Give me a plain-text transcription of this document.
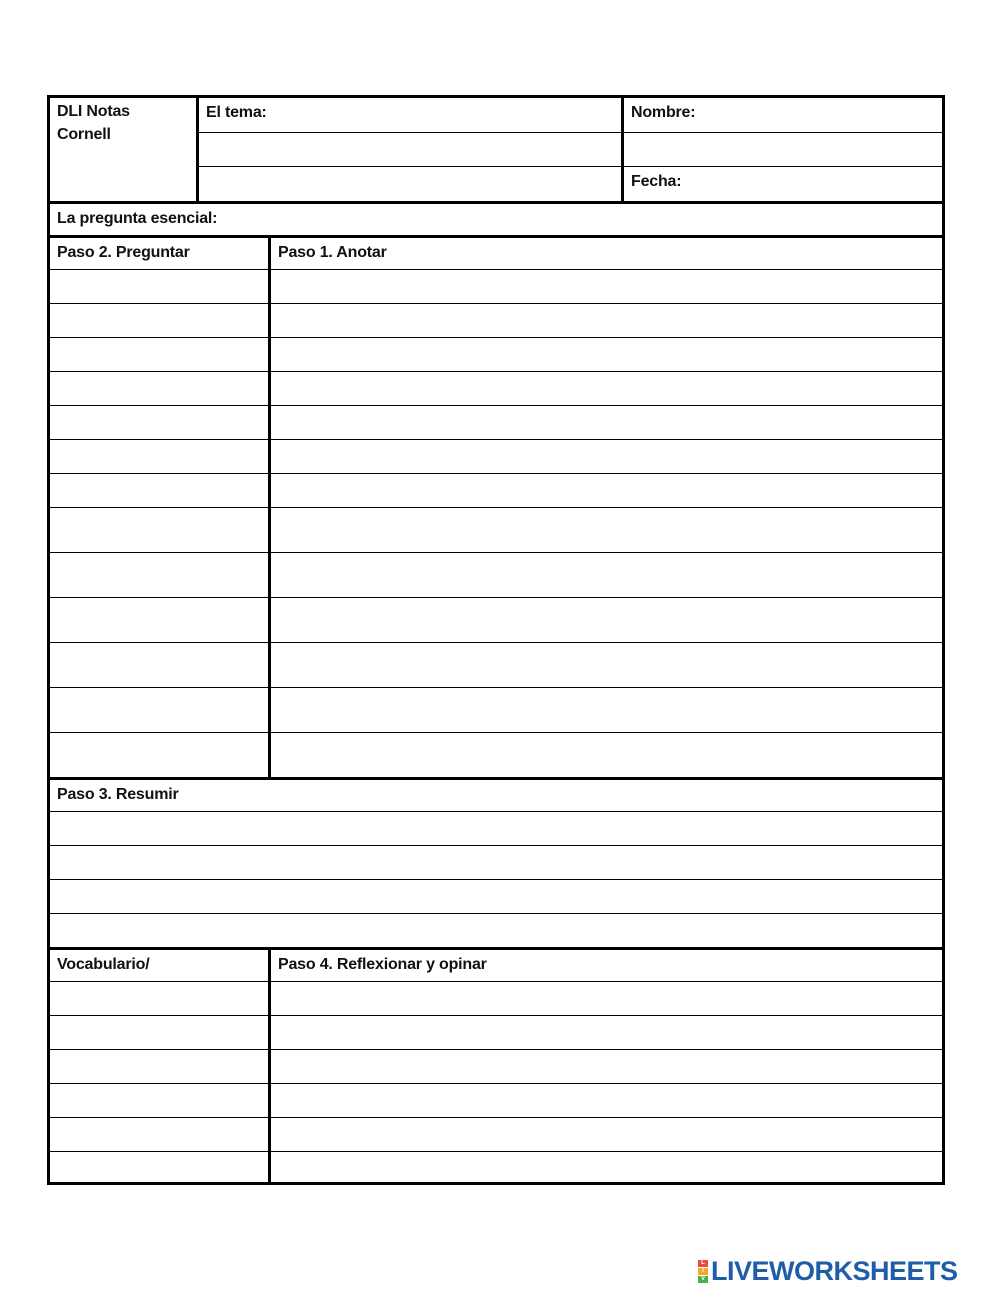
DLI Notas
Cornell
El tema:	Nombre:
Fecha:
La pregunta esencial:
Paso 2. Preguntar	Paso 1. Anotar
Paso 3. Resumir
Vocabulario/	Paso 4. Reflexionar y opinar
L
I
V LIVEWORKSHEETS
